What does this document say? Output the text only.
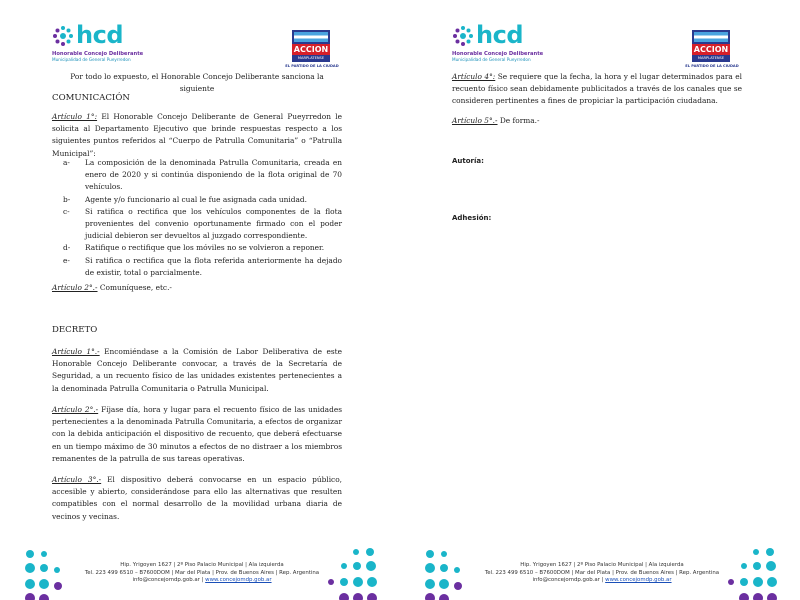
hcd
Honorable Concejo Deliberante
Municipalidad de General Pueyrredon
ACCION
MARPLATENSE
EL PARTIDO DE LA CIUDAD

Por todo lo expuesto, el Honorable Concejo Deliberante sanciona la siguiente

COMUNICACIÓN

Artículo 1°: El Honorable Concejo Deliberante de General Pueyrredon le solicita al Departamento Ejecutivo que brinde respuestas respecto a los siguientes puntos referidos al “Cuerpo de Patrulla Comunitaria” o “Patrulla Municipal”:

a- La composición de la denominada Patrulla Comunitaria, creada en enero de 2020 y si continúa disponiendo de la flota original de 70 vehículos.
b- Agente y/o funcionario al cual le fue asignada cada unidad.
c- Si ratifica o rectifica que los vehículos componentes de la flota provenientes del convenio oportunamente firmado con el poder judicial debieron ser devueltos al juzgado correspondiente.
d- Ratifique o rectifique que los móviles no se volvieron a reponer.
e- Si ratifica o rectifica que la flota referida anteriormente ha dejado de existir, total o parcialmente.

Artículo 2°.- Comuníquese, etc.-

DECRETO

Artículo 1°.- Encomiéndase a la Comisión de Labor Deliberativa de este Honorable Concejo Deliberante convocar, a través de la Secretaría de Seguridad, a un recuento físico de las unidades existentes pertenecientes a la denominada Patrulla Comunitaria o Patrulla Municipal.

Artículo 2°.- Fíjase día, hora y lugar para el recuento físico de las unidades pertenecientes a la denominada Patrulla Comunitaria, a efectos de organizar con la debida anticipación el dispositivo de recuento, que deberá efectuarse en un tiempo máximo de 30 minutos a efectos de no distraer a los miembros remanentes de la patrulla de sus tareas operativas.

Artículo 3°.- El dispositivo deberá convocarse en un espacio público, accesible y abierto, considerándose para ello las alternativas que resulten compatibles con el normal desarrollo de la movilidad urbana diaria de vecinos y vecinas.

Hip. Yrigoyen 1627 | 2º Piso Palacio Municipal | Ala izquierda
Tel. 223 499 6510 – B7600DOM | Mar del Plata | Prov. de Buenos Aires | Rep. Argentina
info@concejomdp.gob.ar | www.concejomdp.gob.ar
hcd
Honorable Concejo Deliberante
Municipalidad de General Pueyrredon
ACCION
MARPLATENSE
EL PARTIDO DE LA CIUDAD

Artículo 4°: Se requiere que la fecha, la hora y el lugar determinados para el recuento físico sean debidamente publicitados a través de los canales que se consideren pertinentes a fines de propiciar la participación ciudadana.

Artículo 5°.- De forma.-

Autoría:

Adhesión:

Hip. Yrigoyen 1627 | 2º Piso Palacio Municipal | Ala izquierda
Tel. 223 499 6510 – B7600DOM | Mar del Plata | Prov. de Buenos Aires | Rep. Argentina
info@concejomdp.gob.ar | www.concejomdp.gob.ar
